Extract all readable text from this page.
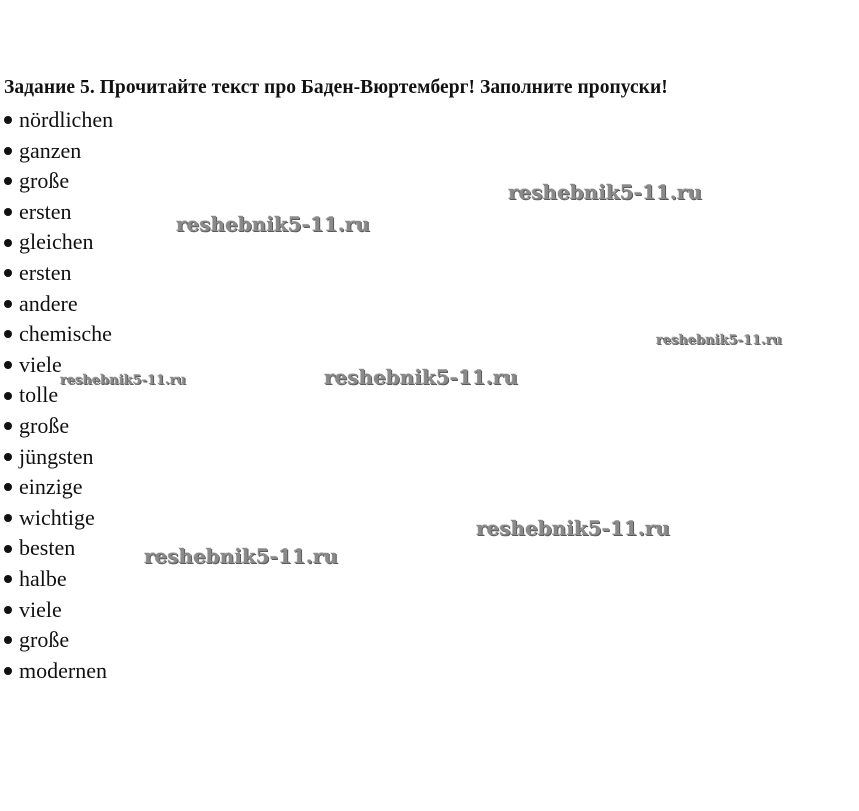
Задание 5. Прочитайте текст про Баден-Вюртемберг! Заполните пропуски!
nördlichen
ganzen
große
ersten
gleichen
ersten
andere
chemische
viele
tolle
große
jüngsten
einzige
wichtige
besten
halbe
viele
große
modernen
reshebnik5-11.ru
reshebnik5-11.ru
reshebnik5-11.ru
reshebnik5-11.ru
reshebnik5-11.ru
reshebnik5-11.ru
reshebnik5-11.ru
